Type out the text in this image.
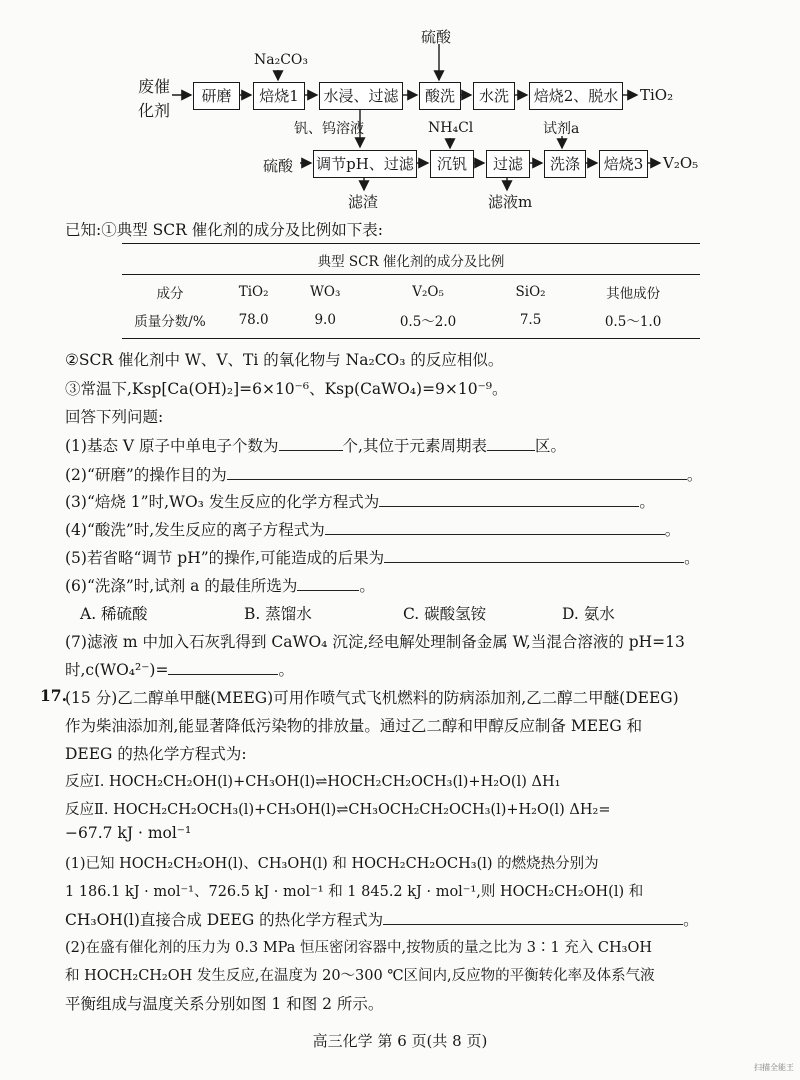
废催
化剂
研磨	焙烧1	水浸、过滤	酸洗	水洗	焙烧2、脱水	TiO₂
Na₂CO₃
硫酸
钒、钨溶液	NH₄Cl	试剂a
硫酸 调节pH、过滤	沉钒	过滤	洗涤	焙烧3	V₂O₅
滤渣	滤液m
已知:①典型 SCR 催化剂的成分及比例如下表:
典型 SCR 催化剂的成分及比例
成分	TiO₂	WO₃	V₂O₅	SiO₂	其他成份
质量分数/%	78.0	9.0	0.5～2.0	7.5	0.5～1.0
②SCR 催化剂中 W、V、Ti 的氧化物与 Na₂CO₃ 的反应相似。
③常温下,Ksp[Ca(OH)₂]=6×10⁻⁶、Ksp(CaWO₄)=9×10⁻⁹。
回答下列问题:
(1)基态 V 原子中单电子个数为	个,其位于元素周期表	区。
(2)“研磨”的操作目的为	。
(3)“焙烧 1”时,WO₃ 发生反应的化学方程式为	。
(4)“酸洗”时,发生反应的离子方程式为	。
(5)若省略“调节 pH”的操作,可能造成的后果为	。
(6)“洗涤”时,试剂 a 的最佳所选为	。
A. 稀硫酸	B. 蒸馏水	C. 碳酸氢铵	D. 氨水
(7)滤液 m 中加入石灰乳得到 CaWO₄ 沉淀,经电解处理制备金属 W,当混合溶液的 pH=13
时,c(WO₄²⁻)=	。
17.
(15 分)乙二醇单甲醚(MEEG)可用作喷气式飞机燃料的防病添加剂,乙二醇二甲醚(DEEG)
作为柴油添加剂,能显著降低污染物的排放量。通过乙二醇和甲醇反应制备 MEEG 和
DEEG 的热化学方程式为:
反应Ⅰ. HOCH₂CH₂OH(l)+CH₃OH(l)⇌HOCH₂CH₂OCH₃(l)+H₂O(l) ΔH₁
反应Ⅱ. HOCH₂CH₂OCH₃(l)+CH₃OH(l)⇌CH₃OCH₂CH₂OCH₃(l)+H₂O(l) ΔH₂=
−67.7 kJ · mol⁻¹
(1)已知 HOCH₂CH₂OH(l)、CH₃OH(l) 和 HOCH₂CH₂OCH₃(l) 的燃烧热分别为
1 186.1 kJ · mol⁻¹、726.5 kJ · mol⁻¹ 和 1 845.2 kJ · mol⁻¹,则 HOCH₂CH₂OH(l) 和
CH₃OH(l)直接合成 DEEG 的热化学方程式为	。
(2)在盛有催化剂的压力为 0.3 MPa 恒压密闭容器中,按物质的量之比为 3∶1 充入 CH₃OH
和 HOCH₂CH₂OH 发生反应,在温度为 20～300 ℃区间内,反应物的平衡转化率及体系气液
平衡组成与温度关系分别如图 1 和图 2 所示。
高三化学 第 6 页(共 8 页)
扫描全能王
